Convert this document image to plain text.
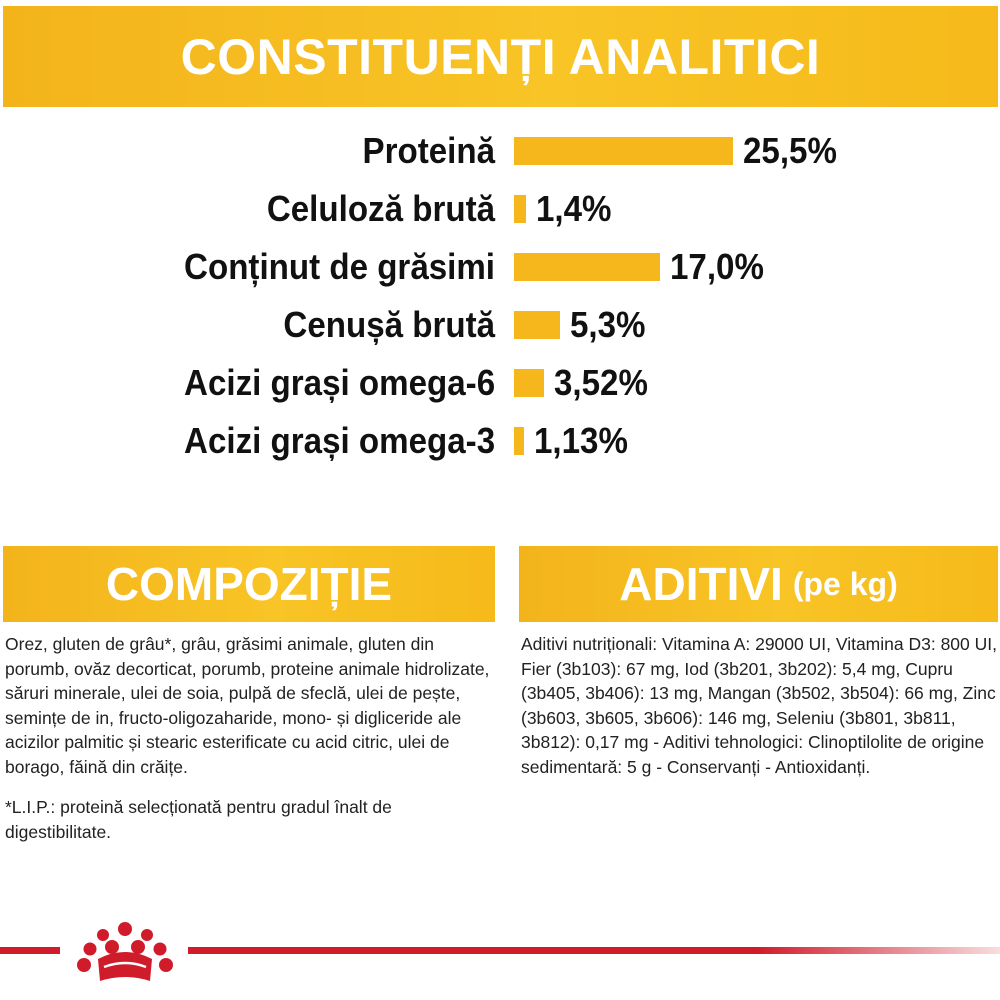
CONSTITUENȚI ANALITICI
Proteină	25,5%
Celuloză brută 1,4%
Conținut de grăsimi	17,0%
Cenușă brută 5,3%
Acizi grași omega-6 3,52%
Acizi grași omega-3 1,13%
COMPOZIȚIE	ADITIVI (pe kg)
Orez, gluten de grâu*, grâu, grăsimi animale, gluten din porumb, ovăz decorticat, porumb, proteine animale hidrolizate, săruri minerale, ulei de soia, pulpă de sfeclă, ulei de pește, semințe de in, fructo-oligozaharide, mono- și digliceride ale acizilor palmitic și stearic esterificate cu acid citric, ulei de borago, făină din crăițe.
*L.I.P.: proteină selecționată pentru gradul înalt de digestibilitate.
Aditivi nutriționali: Vitamina A: 29000 UI, Vitamina D3: 800 UI, Fier (3b103): 67 mg, Iod (3b201, 3b202): 5,4 mg, Cupru (3b405, 3b406): 13 mg, Mangan (3b502, 3b504): 66 mg, Zinc (3b603, 3b605, 3b606): 146 mg, Seleniu (3b801, 3b811, 3b812): 0,17 mg - Aditivi tehnologici: Clinoptilolite de origine sedimentară: 5 g - Conservanți - Antioxidanți.
